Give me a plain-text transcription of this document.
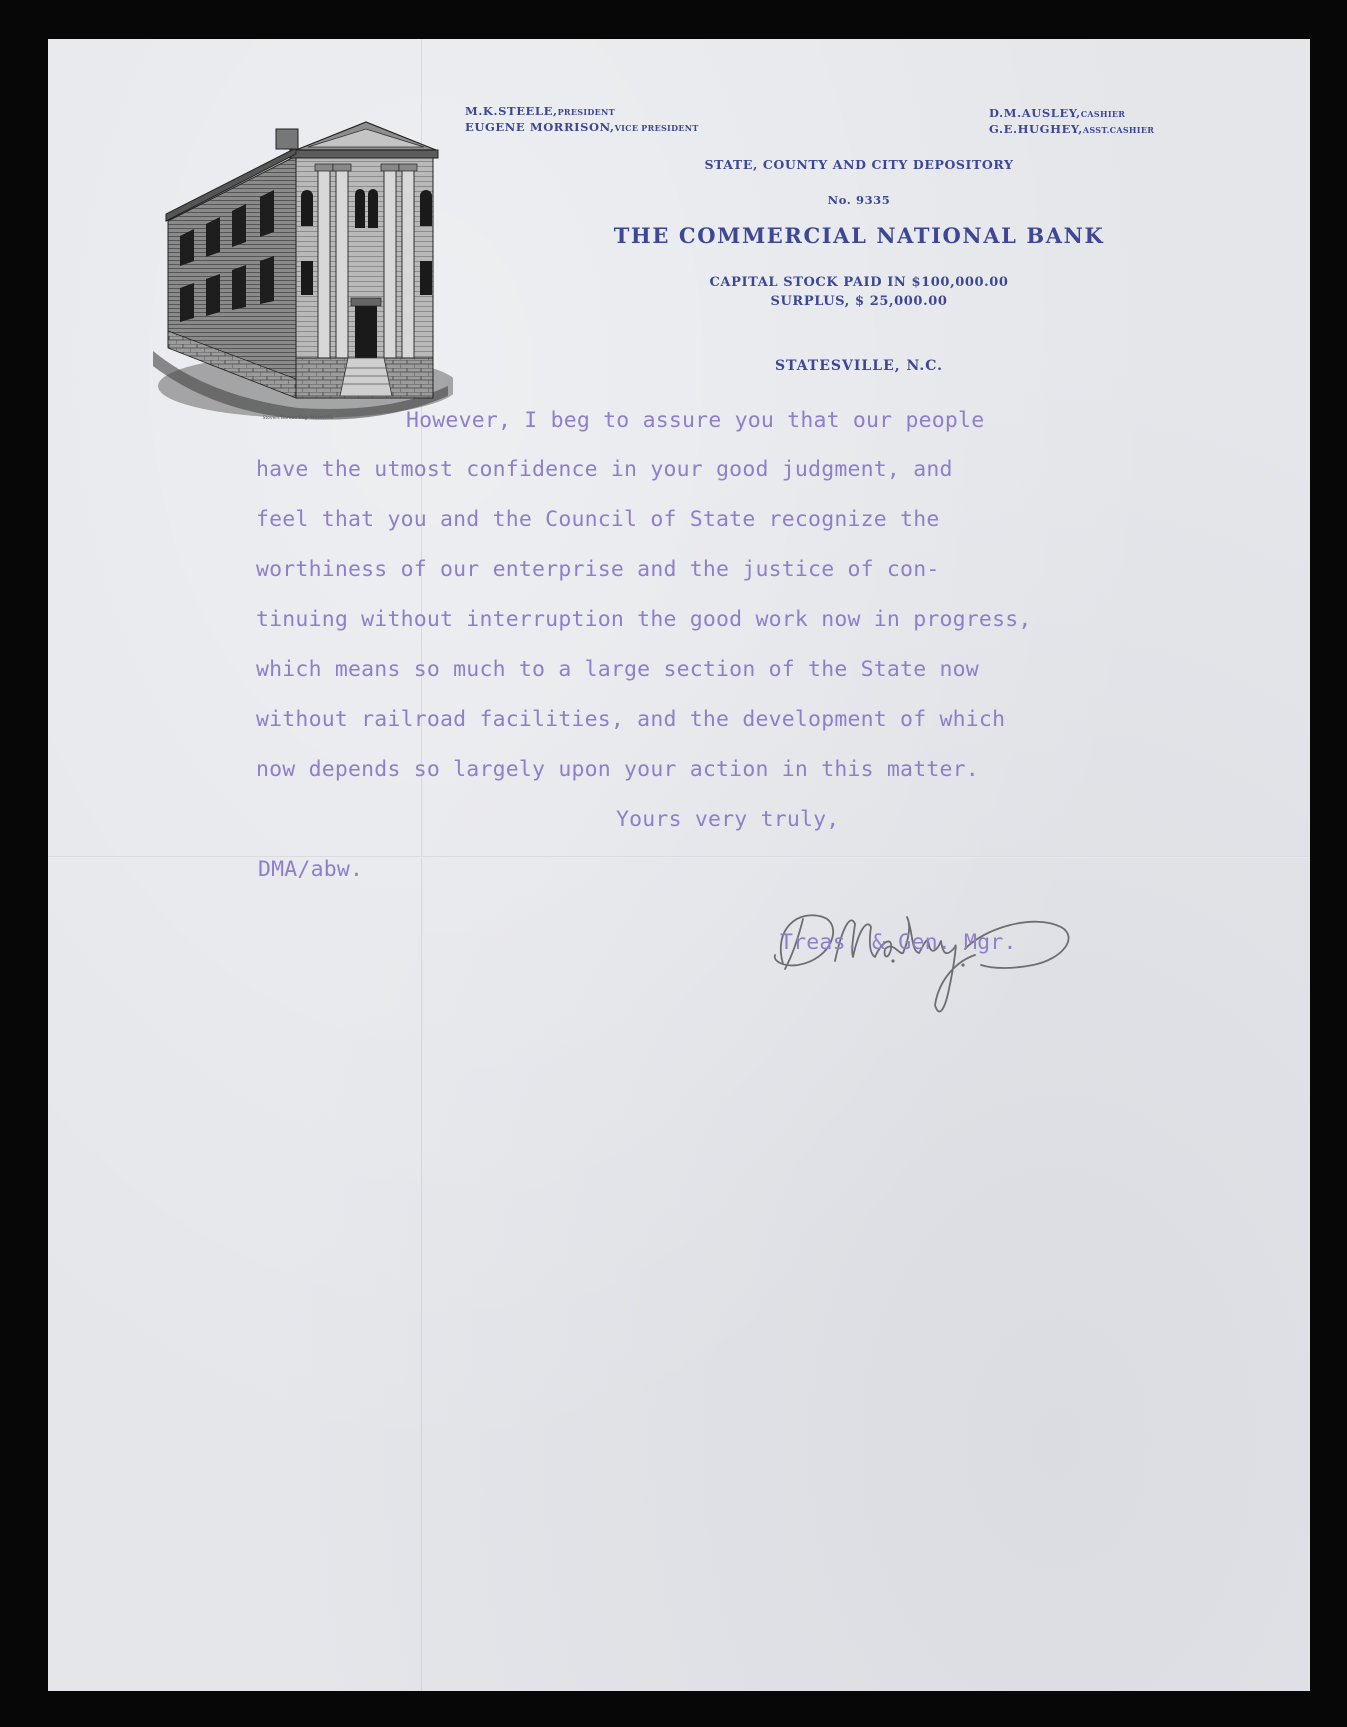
Stovers Bureau Eng. Statesville
M.K.STEELE,PRESIDENT
EUGENE MORRISON,VICE PRESIDENT
D.M.AUSLEY,CASHIER
G.E.HUGHEY,ASST.CASHIER
STATE, COUNTY AND CITY DEPOSITORY
No. 9335
THE COMMERCIAL NATIONAL BANK
CAPITAL STOCK PAID IN $100,000.00
SURPLUS, $ 25,000.00
STATESVILLE, N.C.
However, I beg to assure you that our people
have the utmost confidence in your good judgment, and
feel that you and the Council of State recognize the
worthiness of our enterprise and the justice of con-
tinuing without interruption the good work now in progress,
which means so much to a large section of the State now
without railroad facilities, and the development of which
now depends so largely upon your action in this matter.
Yours very truly,
DMA/abw.
Treas. & Gen. Mgr.
